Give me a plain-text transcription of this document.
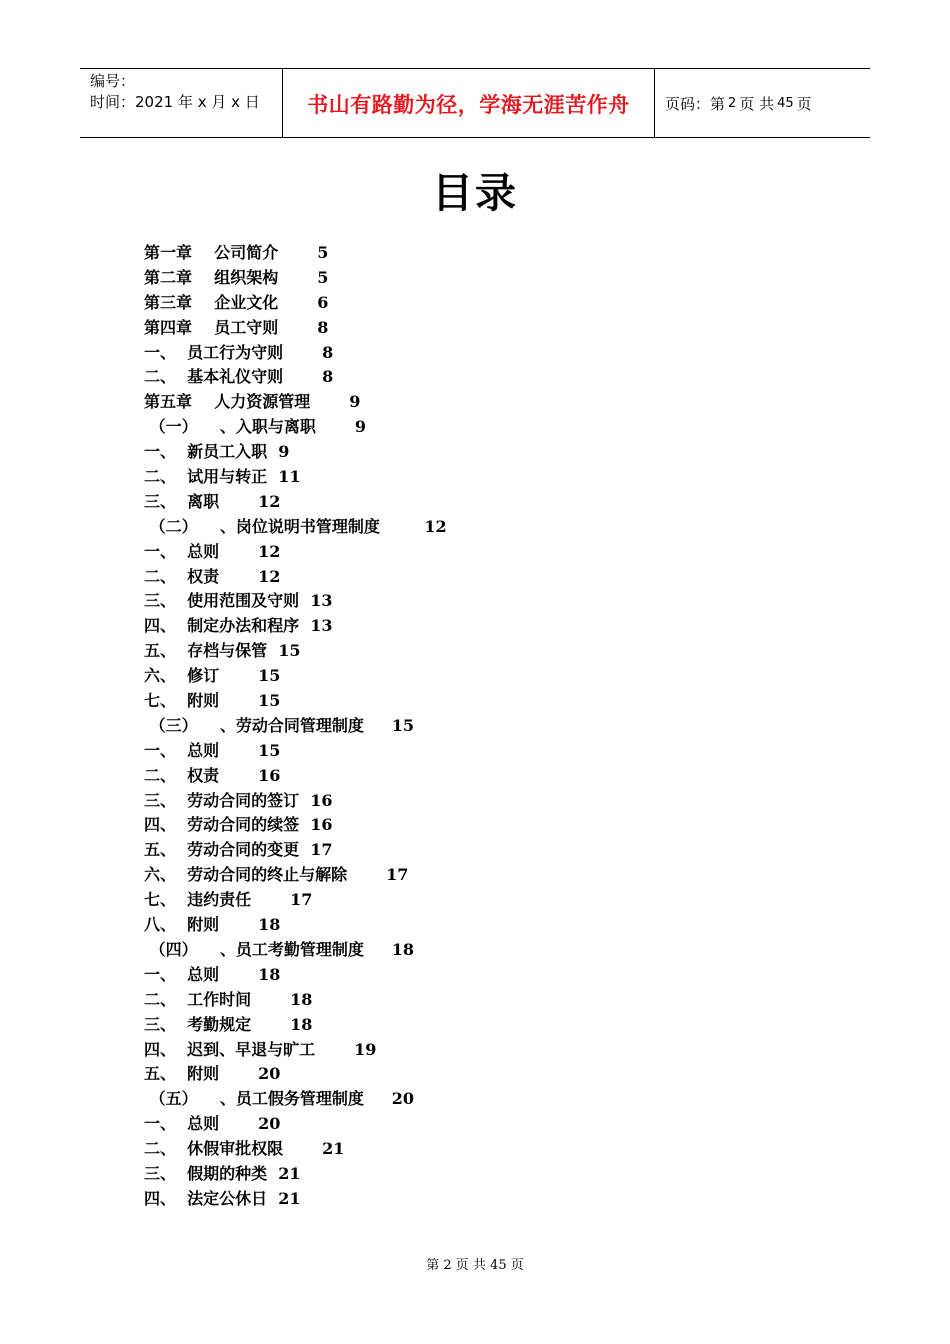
编号：
时间：2021 年 x 月 x 日	书山有路勤为径，学海无涯苦作舟	页码：第 2 页 共 45 页
目录
第一章    公司简介       5
第二章    组织架构       5
第三章    企业文化       6
第四章    员工守则       8
一、  员工行为守则       8
二、  基本礼仪守则       8
第五章    人力资源管理       9
（一）    、入职与离职       9
一、  新员工入职  9
二、  试用与转正  11
三、  离职       12
（二）    、岗位说明书管理制度        12
一、  总则       12
二、  权责       12
三、  使用范围及守则  13
四、  制定办法和程序  13
五、  存档与保管  15
六、  修订       15
七、  附则       15
（三）    、劳动合同管理制度     15
一、  总则       15
二、  权责       16
三、  劳动合同的签订  16
四、  劳动合同的续签  16
五、  劳动合同的变更  17
六、  劳动合同的终止与解除       17
七、  违约责任       17
八、  附则       18
（四）    、员工考勤管理制度     18
一、  总则       18
二、  工作时间       18
三、  考勤规定       18
四、  迟到、早退与旷工       19
五、  附则       20
（五）    、员工假务管理制度     20
一、  总则       20
二、  休假审批权限       21
三、  假期的种类  21
四、  法定公休日  21
第 2 页 共 45 页
